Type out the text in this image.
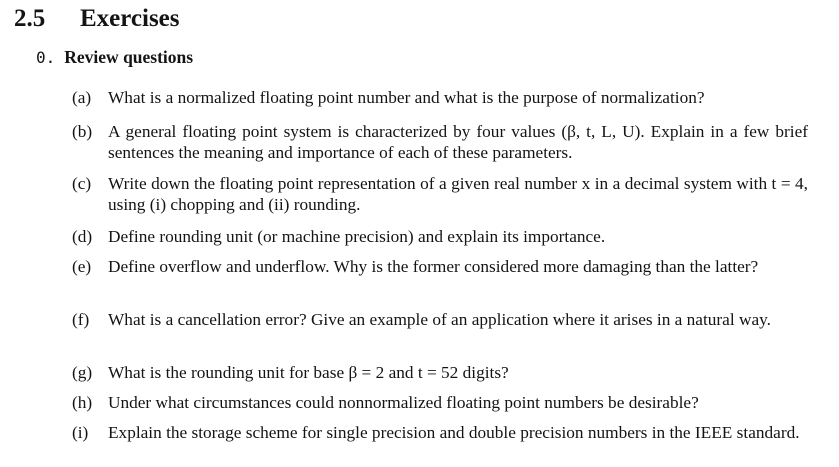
2.5 Exercises
0. Review questions
(a) What is a normalized floating point number and what is the purpose of normalization?
(b) A general floating point system is characterized by four values (β, t, L, U). Explain in a few brief sentences the meaning and importance of each of these parameters.
(c) Write down the floating point representation of a given real number x in a decimal system with t = 4, using (i) chopping and (ii) rounding.
(d) Define rounding unit (or machine precision) and explain its importance.
(e) Define overflow and underflow. Why is the former considered more damaging than the latter?
(f)	What is a cancellation error? Give an example of an application where it arises in a natural way.
(g) What is the rounding unit for base β = 2 and t = 52 digits?
(h) Under what circumstances could nonnormalized floating point numbers be desirable?
(i)	Explain the storage scheme for single precision and double precision numbers in the IEEE standard.
